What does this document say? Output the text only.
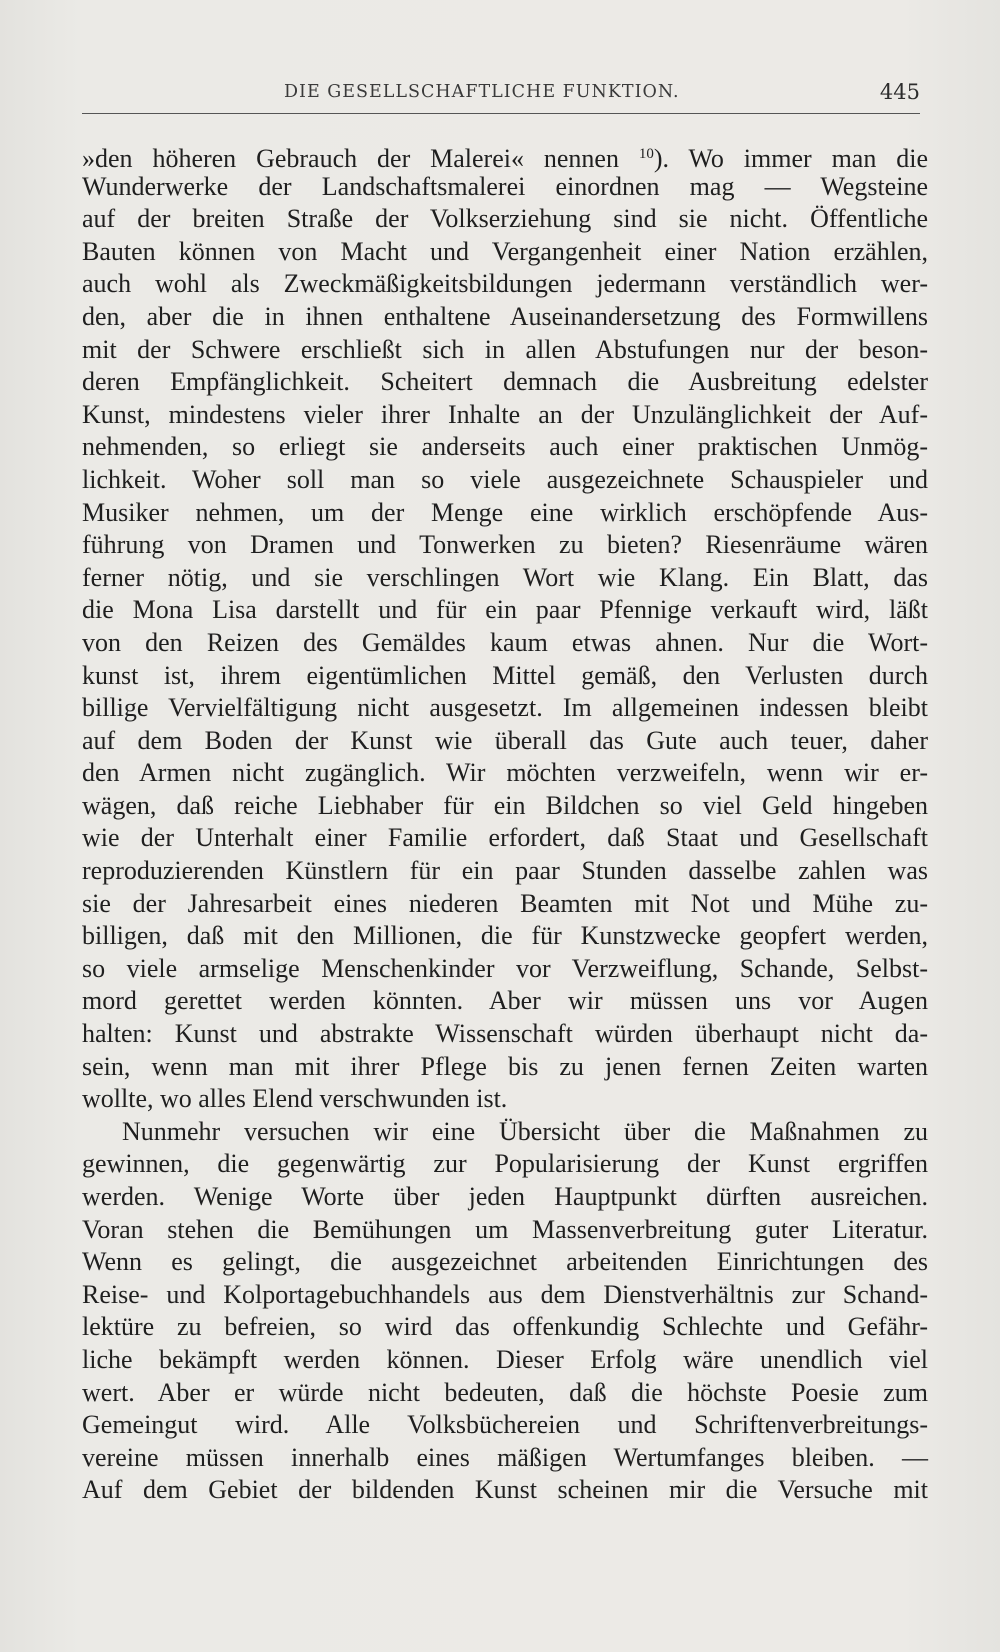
DIE GESELLSCHAFTLICHE FUNKTION.	445
»den höheren Gebrauch der Malerei« nennen $^{10}$). Wo immer man die
Wunderwerke der Landschaftsmalerei einordnen mag — Wegsteine
auf der breiten Straße der Volkserziehung sind sie nicht. Öffentliche
Bauten können von Macht und Vergangenheit einer Nation erzählen,
auch wohl als Zweckmäßigkeitsbildungen jedermann verständlich wer-
den, aber die in ihnen enthaltene Auseinandersetzung des Formwillens
mit der Schwere erschließt sich in allen Abstufungen nur der beson-
deren Empfänglichkeit. Scheitert demnach die Ausbreitung edelster
Kunst, mindestens vieler ihrer Inhalte an der Unzulänglichkeit der Auf-
nehmenden, so erliegt sie anderseits auch einer praktischen Unmög-
lichkeit. Woher soll man so viele ausgezeichnete Schauspieler und
Musiker nehmen, um der Menge eine wirklich erschöpfende Aus-
führung von Dramen und Tonwerken zu bieten? Riesenräume wären
ferner nötig, und sie verschlingen Wort wie Klang. Ein Blatt, das
die Mona Lisa darstellt und für ein paar Pfennige verkauft wird, läßt
von den Reizen des Gemäldes kaum etwas ahnen. Nur die Wort-
kunst ist, ihrem eigentümlichen Mittel gemäß, den Verlusten durch
billige Vervielfältigung nicht ausgesetzt. Im allgemeinen indessen bleibt
auf dem Boden der Kunst wie überall das Gute auch teuer, daher
den Armen nicht zugänglich. Wir möchten verzweifeln, wenn wir er-
wägen, daß reiche Liebhaber für ein Bildchen so viel Geld hingeben
wie der Unterhalt einer Familie erfordert, daß Staat und Gesellschaft
reproduzierenden Künstlern für ein paar Stunden dasselbe zahlen was
sie der Jahresarbeit eines niederen Beamten mit Not und Mühe zu-
billigen, daß mit den Millionen, die für Kunstzwecke geopfert werden,
so viele armselige Menschenkinder vor Verzweiflung, Schande, Selbst-
mord gerettet werden könnten. Aber wir müssen uns vor Augen
halten: Kunst und abstrakte Wissenschaft würden überhaupt nicht da-
sein, wenn man mit ihrer Pflege bis zu jenen fernen Zeiten warten
wollte, wo alles Elend verschwunden ist.
Nunmehr versuchen wir eine Übersicht über die Maßnahmen zu
gewinnen, die gegenwärtig zur Popularisierung der Kunst ergriffen
werden. Wenige Worte über jeden Hauptpunkt dürften ausreichen.
Voran stehen die Bemühungen um Massenverbreitung guter Literatur.
Wenn es gelingt, die ausgezeichnet arbeitenden Einrichtungen des
Reise- und Kolportagebuchhandels aus dem Dienstverhältnis zur Schand-
lektüre zu befreien, so wird das offenkundig Schlechte und Gefähr-
liche bekämpft werden können. Dieser Erfolg wäre unendlich viel
wert. Aber er würde nicht bedeuten, daß die höchste Poesie zum
Gemeingut wird. Alle Volksbüchereien und Schriftenverbreitungs-
vereine müssen innerhalb eines mäßigen Wertumfanges bleiben. —
Auf dem Gebiet der bildenden Kunst scheinen mir die Versuche mit
